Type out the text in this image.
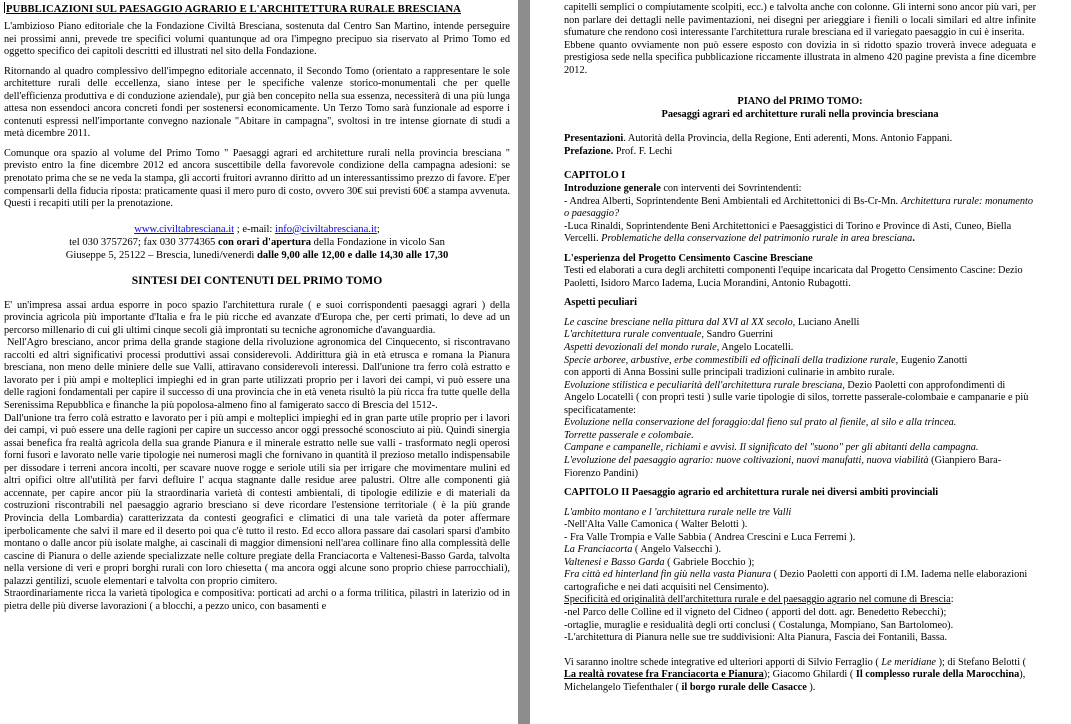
PUBBLICAZIONI SUL PAESAGGIO AGRARIO E L'ARCHITETTURA RURALE BRESCIANA

L'ambizioso Piano editoriale che la Fondazione Civiltà Bresciana, sostenuta dal Centro San Martino, intende perseguire nei prossimi anni, prevede tre specifici volumi quantunque ad ora l'impegno precipuo sia riservato al Primo Tomo ed oggetto specifico dei capitoli descritti ed illustrati nel sito della Fondazione.

Ritornando al quadro complessivo dell'impegno editoriale accennato, il Secondo Tomo (orientato a rappresentare le sole architetture rurali delle eccellenza, siano intese per le specifiche valenze storico-monumentali che per quelle dell'efficienza produttiva e di conduzione aziendale), pur già ben concepito nella sua essenza, necessiterà di una più lunga attesa non essendoci ancora concreti fondi per sostenersi economicamente. Un Terzo Tomo sarà funzionale ad esporre i contenuti espressi nell'importante convegno nazionale "Abitare in campagna", svoltosi in tre intense giornate di studi a metà dicembre 2011.

Comunque ora spazio al volume del Primo Tomo " Paesaggi agrari ed architetture rurali nella provincia bresciana " previsto entro la fine dicembre 2012 ed ancora suscettibile della favorevole condizione della campagna adesioni: se prenotato prima che se ne veda la stampa, gli accorti fruitori avranno diritto ad un interessantissimo prezzo di favore. E'per compensarli della fiducia riposta: praticamente quasi il mero puro di costo, ovvero 30€ sui previsti 60€ a stampa avvenuta. Questi i recapiti utili per la prenotazione.

www.civiltabresciana.it ; e-mail: info@civiltabresciana.it;
tel 030 3757267; fax 030 3774365 con orari d'apertura della Fondazione in vicolo San
Giuseppe 5, 25122 – Brescia, lunedì/venerdì dalle 9,00 alle 12,00 e dalle 14,30 alle 17,30

SINTESI DEI CONTENUTI DEL PRIMO TOMO

E' un'impresa assai ardua esporre in poco spazio l'architettura rurale ( e suoi corrispondenti paesaggi agrari ) della provincia agricola più importante d'Italia e fra le più ricche ed avanzate d'Europa che, per certi primati, lo deve ad un percorso millenario di cui gli ultimi cinque secoli già improntati su tecniche agronomiche d'avanguardia.

Nell'Agro bresciano, ancor prima della grande stagione della rivoluzione agronomica del Cinquecento, si riscontravano raccolti ed altri significativi processi produttivi assai considerevoli. Addirittura già in età etrusca e romana la Pianura bresciana, non meno delle miniere delle sue Valli, attiravano considerevoli interessi. Dall'unione tra ferro colà estratto e lavorato per i più ampi e molteplici impieghi ed in gran parte utilizzati proprio per i lavori dei campi, vi può essere una delle ragioni fondamentali per capire il successo di una provincia che in età veneta risultò la più ricca fra tutte quelle della Serenissima Repubblica e finanche la più popolosa-almeno fino al famigerato sacco di Brescia del 1512-.

Dall'unione tra ferro colà estratto e lavorato per i più ampi e molteplici impieghi ed in gran parte utile proprio per i lavori dei campi, vi può essere una delle ragioni per capire un successo ancor oggi pressoché sconosciuto ai più. Quindi sinergia assai benefica fra realtà agricola della sua grande Pianura e il minerale estratto nelle sue valli - trasformato negli operosi forni fusori e lavorato nelle varie tipologie nei numerosi magli che fornivano in quantità il prezioso metallo indispensabile per dissodare i terreni ancora incolti, per scavare nuove rogge e seriole utili sia per irrigare che movimentare mulini ed altri opifici oltre all'utilità per farvi defluire l' acqua stagnante dalle residue aree palustri. Oltre alle componenti già accennate, per capire ancor più la straordinaria varietà di contesti ambientali, di tipologie edilizie e di materiali da costruzioni riscontrabili nel paesaggio agrario bresciano si deve ricordare l'estensione territoriale ( è la più grande Provincia della Lombardia) caratterizzata da contesti geografici e climatici di una tale varietà da poter affermare iperbolicamente che salvi il mare ed il deserto poi qua c'è tutto il resto. Ed ecco allora passare dai casolari sparsi d'ambito montano o dalle ancor più isolate malghe, ai cascinali di maggior dimensioni nell'area collinare fino alla complessità delle cascine di Pianura o delle aziende specializzate nelle colture pregiate della Franciacorta e Valtenesi-Basso Garda, talvolta nella versione di veri e propri borghi rurali con loro chiesetta ( ma ancora oggi alcune sono proprio chiese parrocchiali), palazzi gentilizi, scuole elementari e talvolta con proprio cimitero.

Straordinariamente ricca la varietà tipologica e compositiva: porticati ad archi o a forma trilitica, pilastri in laterizio od in pietra delle più diverse lavorazioni ( a blocchi, a pezzo unico, con basamenti e

capitelli semplici o compiutamente scolpiti, ecc.) e talvolta anche con colonne. Gli interni sono ancor più vari, per non parlare dei dettagli nelle pavimentazioni, nei disegni per arieggiare i fienili o locali similari ed altre infinite sfumature che rendono così interessante l'architettura rurale bresciana ed il variegato paesaggio in cui è inserita.

Ebbene quanto ovviamente non può essere esposto con dovizia in sì ridotto spazio troverà invece adeguata e prestigiosa sede nella specifica pubblicazione riccamente illustrata in almeno 420 pagine prevista a fine dicembre 2012.

PIANO del PRIMO TOMO:

Paesaggi agrari ed architetture rurali nella provincia bresciana

Presentazioni. Autorità della Provincia, della Regione, Enti aderenti, Mons. Antonio Fappani.

Prefazione. Prof. F. Lechi

CAPITOLO I

Introduzione generale con interventi dei Sovrintendenti:

- Andrea Alberti, Soprintendente Beni Ambientali ed Architettonici di Bs-Cr-Mn. Architettura rurale: monumento o paesaggio?

-Luca Rinaldi, Soprintendente Beni Architettonici e Paesaggistici di Torino e Province di Asti, Cuneo, Biella Vercelli. Problematiche della conservazione del patrimonio rurale in area bresciana.

L'esperienza del Progetto Censimento Cascine Bresciane

Testi ed elaborati a cura degli architetti componenti l'equipe incaricata dal Progetto Censimento Cascine: Dezio Paoletti, Isidoro Marco Iadema, Lucia Morandini, Antonio Rubagotti.

Aspetti peculiari

Le cascine bresciane nella pittura dal XVI al XX secolo, Luciano Anelli

L'architettura rurale conventuale, Sandro Guerrini

Aspetti devozionali del mondo rurale, Angelo Locatelli.

Specie arboree, arbustive, erbe commestibili ed officinali della tradizione rurale, Eugenio Zanotti

con apporti di Anna Bossini sulle principali tradizioni culinarie in ambito rurale.

Evoluzione stilistica e peculiarità dell'architettura rurale bresciana, Dezio Paoletti con approfondimenti di Angelo Locatelli ( con propri testi ) sulle varie tipologie di silos, torrette passerale-colombaie e campanarie e più specificatamente:

Evoluzione nella conservazione del foraggio:dal fieno sul prato al fienile, al silo e alla trincea.

Torrette passerale e colombaie.

Campane e campanelle, richiami e avvisi. Il significato del "suono" per gli abitanti della campagna.

L'evoluzione del paesaggio agrario: nuove coltivazioni, nuovi manufatti, nuova viabilità (Gianpiero Bara-Fiorenzo Pandini)

CAPITOLO II Paesaggio agrario ed architettura rurale nei diversi ambiti provinciali

L'ambito montano e l 'architettura rurale nelle tre Valli

-Nell'Alta Valle Camonica ( Walter Belotti ).

- Fra Valle Trompia e Valle Sabbia ( Andrea Crescini e Luca Ferremi ).

La Franciacorta ( Angelo Valsecchi ).

Valtenesi e Basso Garda ( Gabriele Bocchio );

Fra città ed hinterland fin giù nella vasta Pianura ( Dezio Paoletti con apporti di I.M. Iadema nelle elaborazioni cartografiche e nei dati acquisiti nel Censimento).

Specificità ed originalità dell'architettura rurale e del paesaggio agrario nel comune di Brescia:

-nel Parco delle Colline ed il vigneto del Cidneo ( apporti del dott. agr. Benedetto Rebecchi);

-ortaglie, muraglie e residualità degli orti conclusi ( Costalunga, Mompiano, San Bartolomeo).

-L'architettura di Pianura nelle sue tre suddivisioni: Alta Pianura, Fascia dei Fontanili, Bassa.

Vi saranno inoltre schede integrative ed ulteriori apporti di Silvio Ferraglio ( Le meridiane ); di Stefano Belotti ( La realtà rovatese fra Franciacorta e Pianura); Giacomo Ghilardi ( Il complesso rurale della Marocchina), Michelangelo Tiefenthaler ( il borgo rurale delle Casacce ).
